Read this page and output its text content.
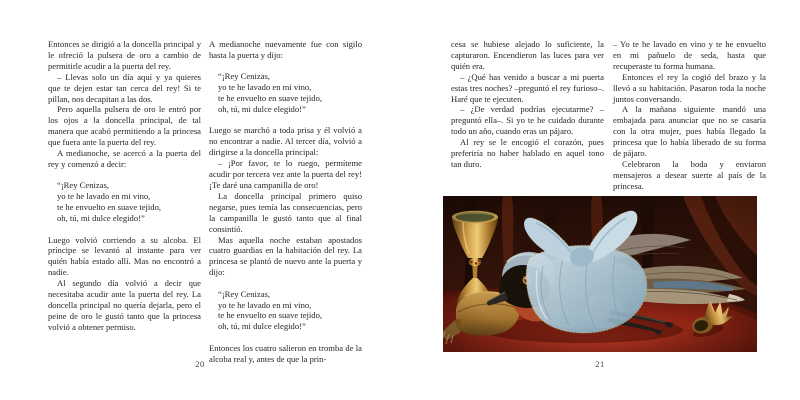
Entonces se dirigió a la doncella principal y le ofreció la pulsera de oro a cambio de permitirle acudir a la puerta del rey.

– Llevas solo un día aquí y ya quieres que te dejen estar tan cerca del rey! Si te pillan, nos decapitan a las dos.

Pero aquella pulsera de oro le entró por los ojos a la doncella principal, de tal manera que acabó permitiendo a la princesa que fuera ante la puerta del rey.

A medianoche, se acercó a la puerta del rey y comenzó a decir:

“¡Rey Cenizas,
yo te he lavado en mi vino,
te he envuelto en suave tejido,
oh, tú, mi dulce elegido!”

Luego volvió corriendo a su alcoba. El príncipe se levantó al instante para ver quién había estado allí. Mas no encontró a nadie.

Al segundo día volvió a decir que necesitaba acudir ante la puerta del rey. La doncella principal no quería dejarla, pero el peine de oro le gustó tanto que la princesa volvió a obtener permiso.

A medianoche nuevamente fue con sigilo hasta la puerta y dijo:

“¡Rey Cenizas,
yo te he lavado en mi vino,
te he envuelto en suave tejido,
oh, tú, mi dulce elegido!”

Luego se marchó a toda prisa y él volvió a no encontrar a nadie. Al tercer día, volvió a dirigirse a la doncella principal:

– ¡Por favor, te lo ruego, permíteme acudir por tercera vez ante la puerta del rey! ¡Te daré una campanilla de oro!

La doncella principal primero quiso negarse, pues temía las consecuencias, pero la campanilla le gustó tanto que al final consintió.

Mas aquella noche estaban apostados cuatro guardias en la habitación del rey. La princesa se plantó de nuevo ante la puerta y dijo:

“¡Rey Cenizas,
yo te he lavado en mi vino,
te he envuelto en suave tejido,
oh, tú, mi dulce elegido!”

Entonces los cuatro salieron en tromba de la alcoba real y, antes de que la prin-

20

cesa se hubiese alejado lo suficiente, la capturaron. Encendieron las luces para ver quién era.

– ¿Qué has venido a buscar a mi puerta estas tres noches? –preguntó el rey furioso–. Haré que te ejecuten.

– ¿De verdad podrías ejecutarme? –preguntó ella–. Si yo te he cuidado durante todo un año, cuando eras un pájaro.

Al rey se le encogió el corazón, pues preferiría no haber hablado en aquel tono tan duro.

– Yo te he lavado en vino y te he envuelto en mi pañuelo de seda, hasta que recuperaste tu forma humana.

Entonces el rey la cogió del brazo y la llevó a su habitación. Pasaron toda la noche juntos conversando.

A la mañana siguiente mandó una embajada para anunciar que no se casaría con la otra mujer, pues había llegado la princesa que lo había liberado de su forma de pájaro.

Celebraron la boda y enviaron mensajeros a desear suerte al país de la princesa.

21
